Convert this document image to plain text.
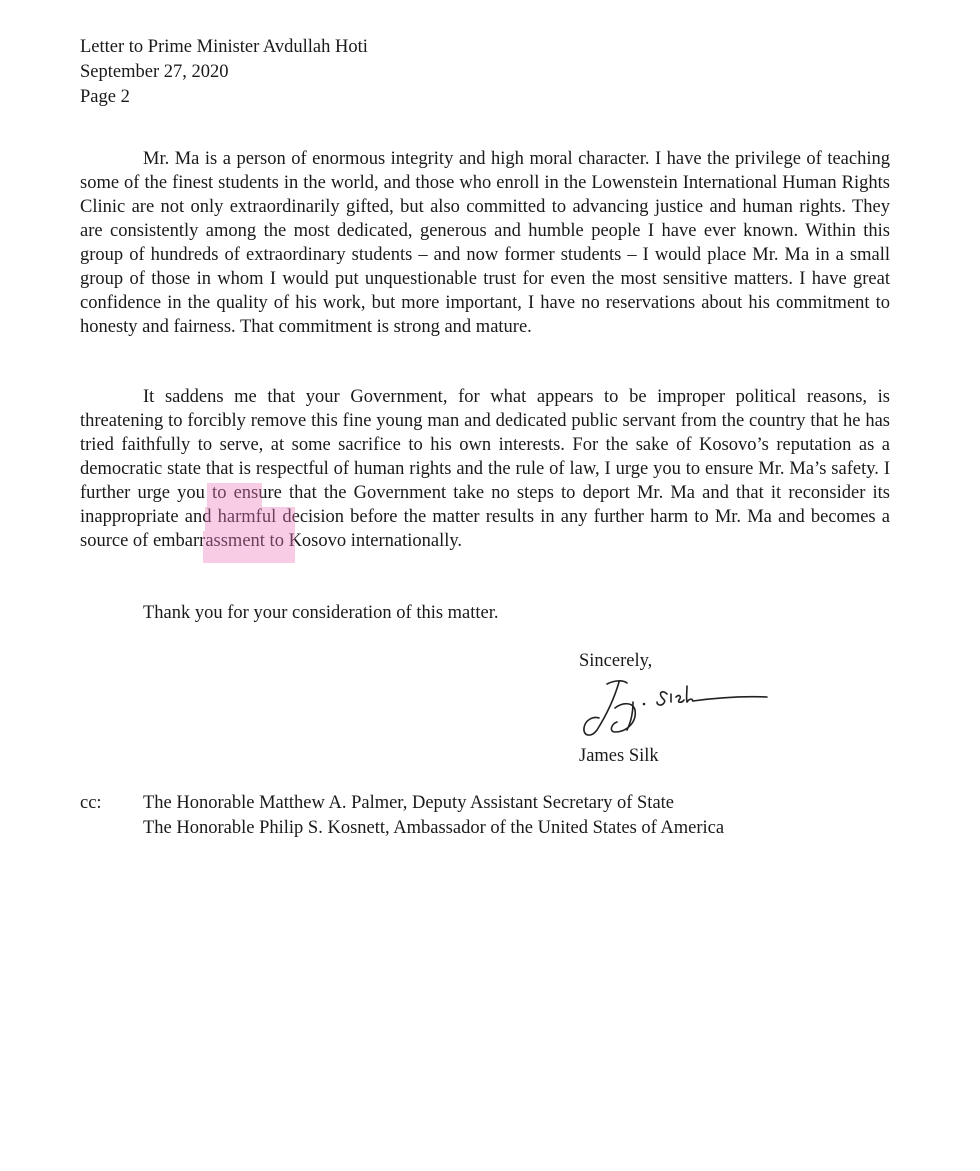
Letter to Prime Minister Avdullah Hoti
September 27, 2020
Page 2
Mr. Ma is a person of enormous integrity and high moral character. I have the privilege of teaching some of the finest students in the world, and those who enroll in the Lowenstein International Human Rights Clinic are not only extraordinarily gifted, but also committed to advancing justice and human rights. They are consistently among the most dedicated, generous and humble people I have ever known. Within this group of hundreds of extraordinary students – and now former students – I would place Mr. Ma in a small group of those in whom I would put unquestionable trust for even the most sensitive matters. I have great confidence in the quality of his work, but more important, I have no reservations about his commitment to honesty and fairness. That commitment is strong and mature.
It saddens me that your Government, for what appears to be improper political reasons, is threatening to forcibly remove this fine young man and dedicated public servant from the country that he has tried faithfully to serve, at some sacrifice to his own interests. For the sake of Kosovo’s reputation as a democratic state that is respectful of human rights and the rule of law, I urge you to ensure Mr. Ma’s safety. I further urge you to ensure that the Government take no steps to deport Mr. Ma and that it reconsider its inappropriate and harmful decision before the matter results in any further harm to Mr. Ma and becomes a source of embarrassment to Kosovo internationally.
Thank you for your consideration of this matter.
Sincerely,
James Silk
cc: The Honorable Matthew A. Palmer, Deputy Assistant Secretary of State
The Honorable Philip S. Kosnett, Ambassador of the United States of America
